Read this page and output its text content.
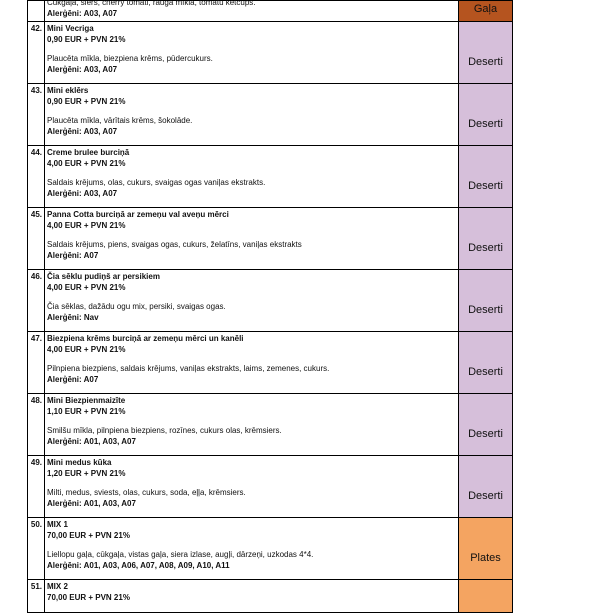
	Cūkgaļa, siers, cherry tomāti, rauga mīkla, tomātu ketčups.
Alerģēni: A03, A07	Gaļa
42.	Mini Vecriga
0,90 EUR + PVN 21%
Plaucēta mīkla, biezpiena krēms, pūdercukurs.
Alerģēni: A03, A07	Deserti
43.	Mini eklērs
0,90 EUR + PVN 21%
Plaucēta mīkla, vārītais krēms, šokolāde.
Alerģēni: A03, A07	Deserti
44.	Creme brulee burciņā
4,00 EUR + PVN 21%
Saldais krējums, olas, cukurs, svaigas ogas vaniļas ekstrakts.
Alerģēni: A03, A07	Deserti
45.	Panna Cotta burciņā ar zemeņu val aveņu mērci
4,00 EUR + PVN 21%
Saldais krējums, piens, svaigas ogas, cukurs, želatīns, vaniļas ekstrakts
Alerģēni: A07	Deserti
46.	Čia sēklu pudiņš ar persikiem
4,00 EUR + PVN 21%
Čia sēklas, dažādu ogu mix, persiki, svaigas ogas.
Alerģēni: Nav	Deserti
47.	Biezpiena krēms burciņā ar zemeņu mērci un kanēli
4,00 EUR + PVN 21%
Pilnpiena biezpiens, saldais krējums, vaniļas ekstrakts, laims, zemenes, cukurs.
Alerģēni: A07	Deserti
48.	Mini Biezpienmaizīte
1,10 EUR + PVN 21%
Smilšu mīkla, pilnpiena biezpiens, rozīnes, cukurs olas, krēmsiers.
Alerģēni: A01, A03, A07	Deserti
49.	Mini medus kūka
1,20 EUR + PVN 21%
Milti, medus, sviests, olas, cukurs, soda, eļļa, krēmsiers.
Alerģēni: A01, A03, A07	Deserti
50.	MIX 1
70,00 EUR + PVN 21%
Liellopu gaļa, cūkgaļa, vistas gaļa, siera izlase, augļi, dārzeņi, uzkodas 4*4.
Alerģēni: A01, A03, A06, A07, A08, A09, A10, A11	Plates
51.	MIX 2
70,00 EUR + PVN 21%	
